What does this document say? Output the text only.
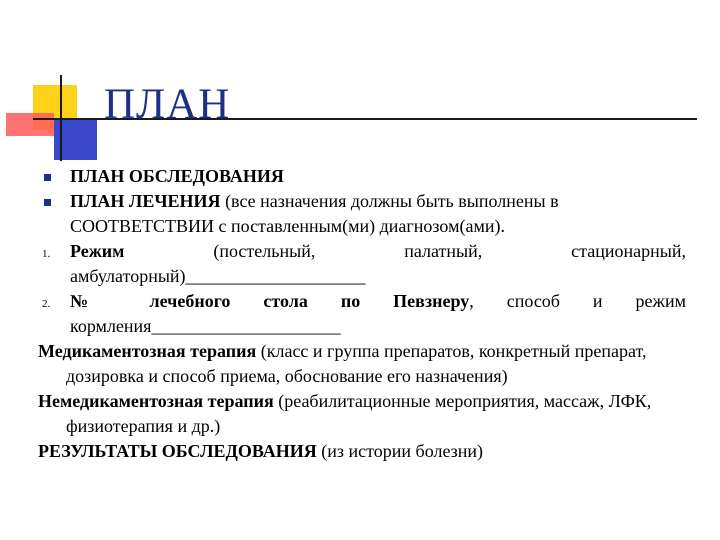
ПЛАН
ПЛАН ОБСЛЕДОВАНИЯ
ПЛАН ЛЕЧЕНИЯ (все назначения должны быть выполнены в СООТВЕТСТВИИ с поставленным(ми) диагнозом(ами).
1. Режим	(постельный, палатный, стационарный,
амбулаторный)____________________
2. № лечебного стола по Певзнеру, способ и режим
кормления_____________________
Медикаментозная терапия (класс и группа препаратов, конкретный препарат, дозировка и способ приема, обоснование его назначения)
Немедикаментозная терапия (реабилитационные мероприятия, массаж, ЛФК, физиотерапия и др.)
РЕЗУЛЬТАТЫ ОБСЛЕДОВАНИЯ (из истории болезни)
